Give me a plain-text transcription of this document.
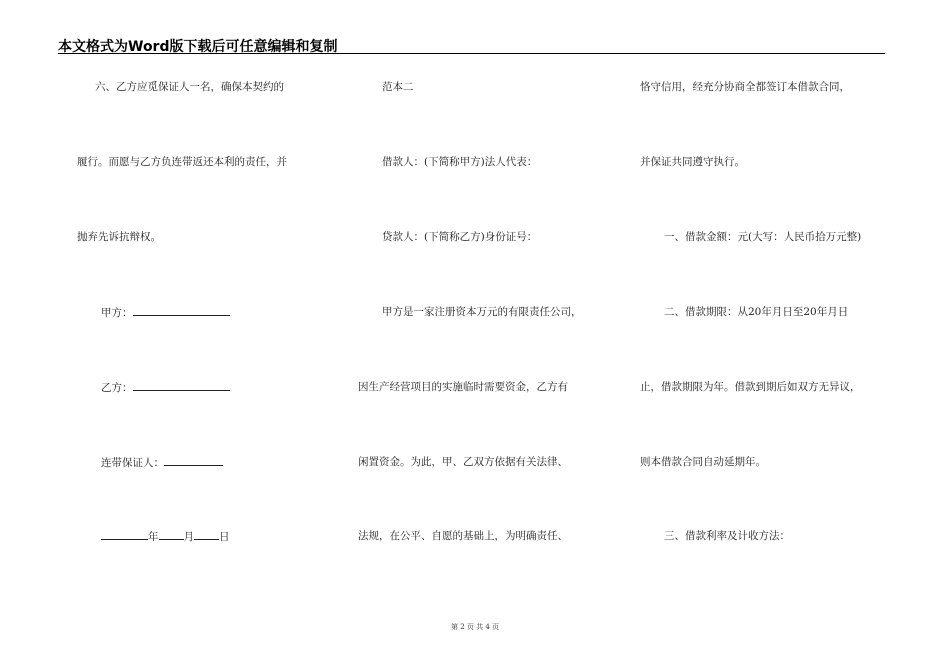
本文格式为Word版下载后可任意编辑和复制
六、乙方应觅保证人一名，确保本契约的
履行。而愿与乙方负连带返还本利的责任，并
抛弃先诉抗辩权。
甲方：
乙方：
连带保证人：
年 月 日
范本二
借款人：(下简称甲方)法人代表：
贷款人：(下简称乙方)身份证号：
甲方是一家注册资本万元的有限责任公司，
因生产经营项目的实施临时需要资金，乙方有
闲置资金。为此，甲、乙双方依据有关法律、
法规，在公平、自愿的基础上，为明确责任、
恪守信用，经充分协商全都签订本借款合同，
并保证共同遵守执行。
一、借款金额：元(大写：人民币拾万元整)
二、借款期限：从20年月日至20年月日
止，借款期限为年。借款到期后如双方无异议，
则本借款合同自动延期年。
三、借款利率及计收方法：
第 2 页 共 4 页
